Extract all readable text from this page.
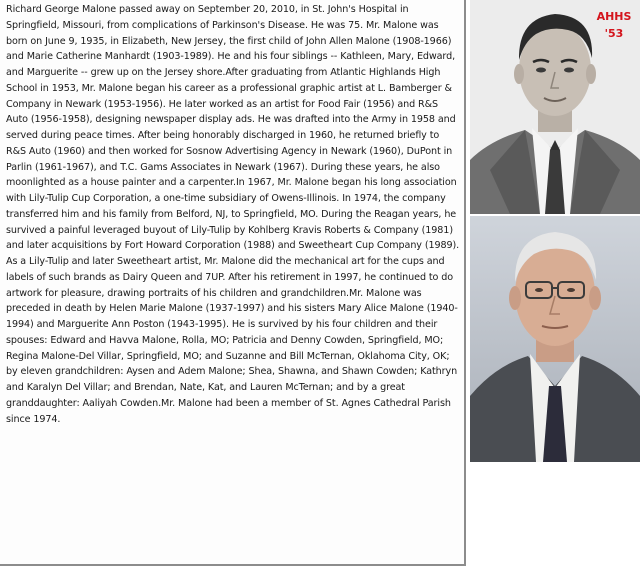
Richard George Malone passed away on September 20, 2010, in St. John's Hospital in Springfield, Missouri, from complications of Parkinson's Disease. He was 75. Mr. Malone was born on June 9, 1935, in Elizabeth, New Jersey, the first child of John Allen Malone (1908-1966) and Marie Catherine Manhardt (1903-1989). He and his four siblings -- Kathleen, Mary, Edward, and Marguerite -- grew up on the Jersey shore.After graduating from Atlantic Highlands High School in 1953, Mr. Malone began his career as a professional graphic artist at L. Bamberger & Company in Newark (1953-1956). He later worked as an artist for Food Fair (1956) and R&S Auto (1956-1958), designing newspaper display ads. He was drafted into the Army in 1958 and served during peace times. After being honorably discharged in 1960, he returned briefly to R&S Auto (1960) and then worked for Sosnow Advertising Agency in Newark (1960), DuPont in Parlin (1961-1967), and T.C. Gams Associates in Newark (1967). During these years, he also moonlighted as a house painter and a carpenter.In 1967, Mr. Malone began his long association with Lily-Tulip Cup Corporation, a one-time subsidiary of Owens-Illinois. In 1974, the company transferred him and his family from Belford, NJ, to Springfield, MO. During the Reagan years, he survived a painful leveraged buyout of Lily-Tulip by Kohlberg Kravis Roberts & Company (1981) and later acquisitions by Fort Howard Corporation (1988) and Sweetheart Cup Company (1989). As a Lily-Tulip and later Sweetheart artist, Mr. Malone did the mechanical art for the cups and labels of such brands as Dairy Queen and 7UP. After his retirement in 1997, he continued to do artwork for pleasure, drawing portraits of his children and grandchildren.Mr. Malone was preceded in death by Helen Marie Malone (1937-1997) and his sisters Mary Alice Malone (1940-1994) and Marguerite Ann Poston (1943-1995). He is survived by his four children and their spouses: Edward and Havva Malone, Rolla, MO; Patricia and Denny Cowden, Springfield, MO; Regina Malone-Del Villar, Springfield, MO; and Suzanne and Bill McTernan, Oklahoma City, OK; by eleven grandchildren: Aysen and Adem Malone; Shea, Shawna, and Shawn Cowden; Kathryn and Karalyn Del Villar; and Brendan, Nate, Kat, and Lauren McTernan; and by a great granddaughter: Aaliyah Cowden.Mr. Malone had been a member of St. Agnes Cathedral Parish since 1974.

AHHS
'53
